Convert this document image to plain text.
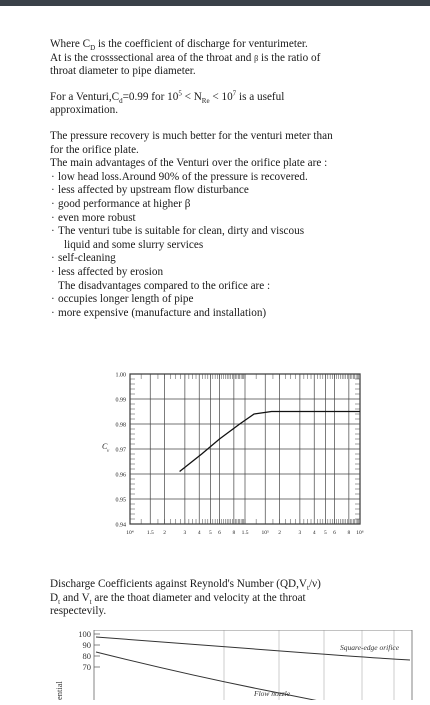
Where $C_D$ is the coefficient of discharge for venturimeter.

At is the crosssectional area of the throat and β is the ratio of

throat diameter to pipe diameter.

For a $Venturi,C_d=0.99$ for $10^5 < N_{Re} < 10^7$ is a useful

approximation.

The pressure recovery is much better for the venturi meter than

for the orifice plate.

The main advantages of the Venturi over the orifice plate are :

· low head loss.Around 90% of the pressure is recovered.
· less affected by upstream flow disturbance
· good performance at higher β
· even more robust
· The venturi tube is suitable for clean, dirty and viscous
liquid and some slurry services
· self-cleaning
· less affected by erosion

The disadvantages compared to the orifice are :

· occupies longer length of pipe
· more expensive (manufacture and installation)
1.00
0.99
0.98
0.97
0.96
0.95
0.94
10⁴ 1.5 2	3 4 5 6 8 1.5 10⁵ 2	3 4 5 6 8 10⁶
C
v

Discharge Coefficients against Reynold's Number $(QD,V_t/\nu)$

$D_t$ and $V_t$ are the thoat diameter and velocity at the throat

respectevily.

100
90
80
70
ential
Square-edge orifice
Flow nozzle
